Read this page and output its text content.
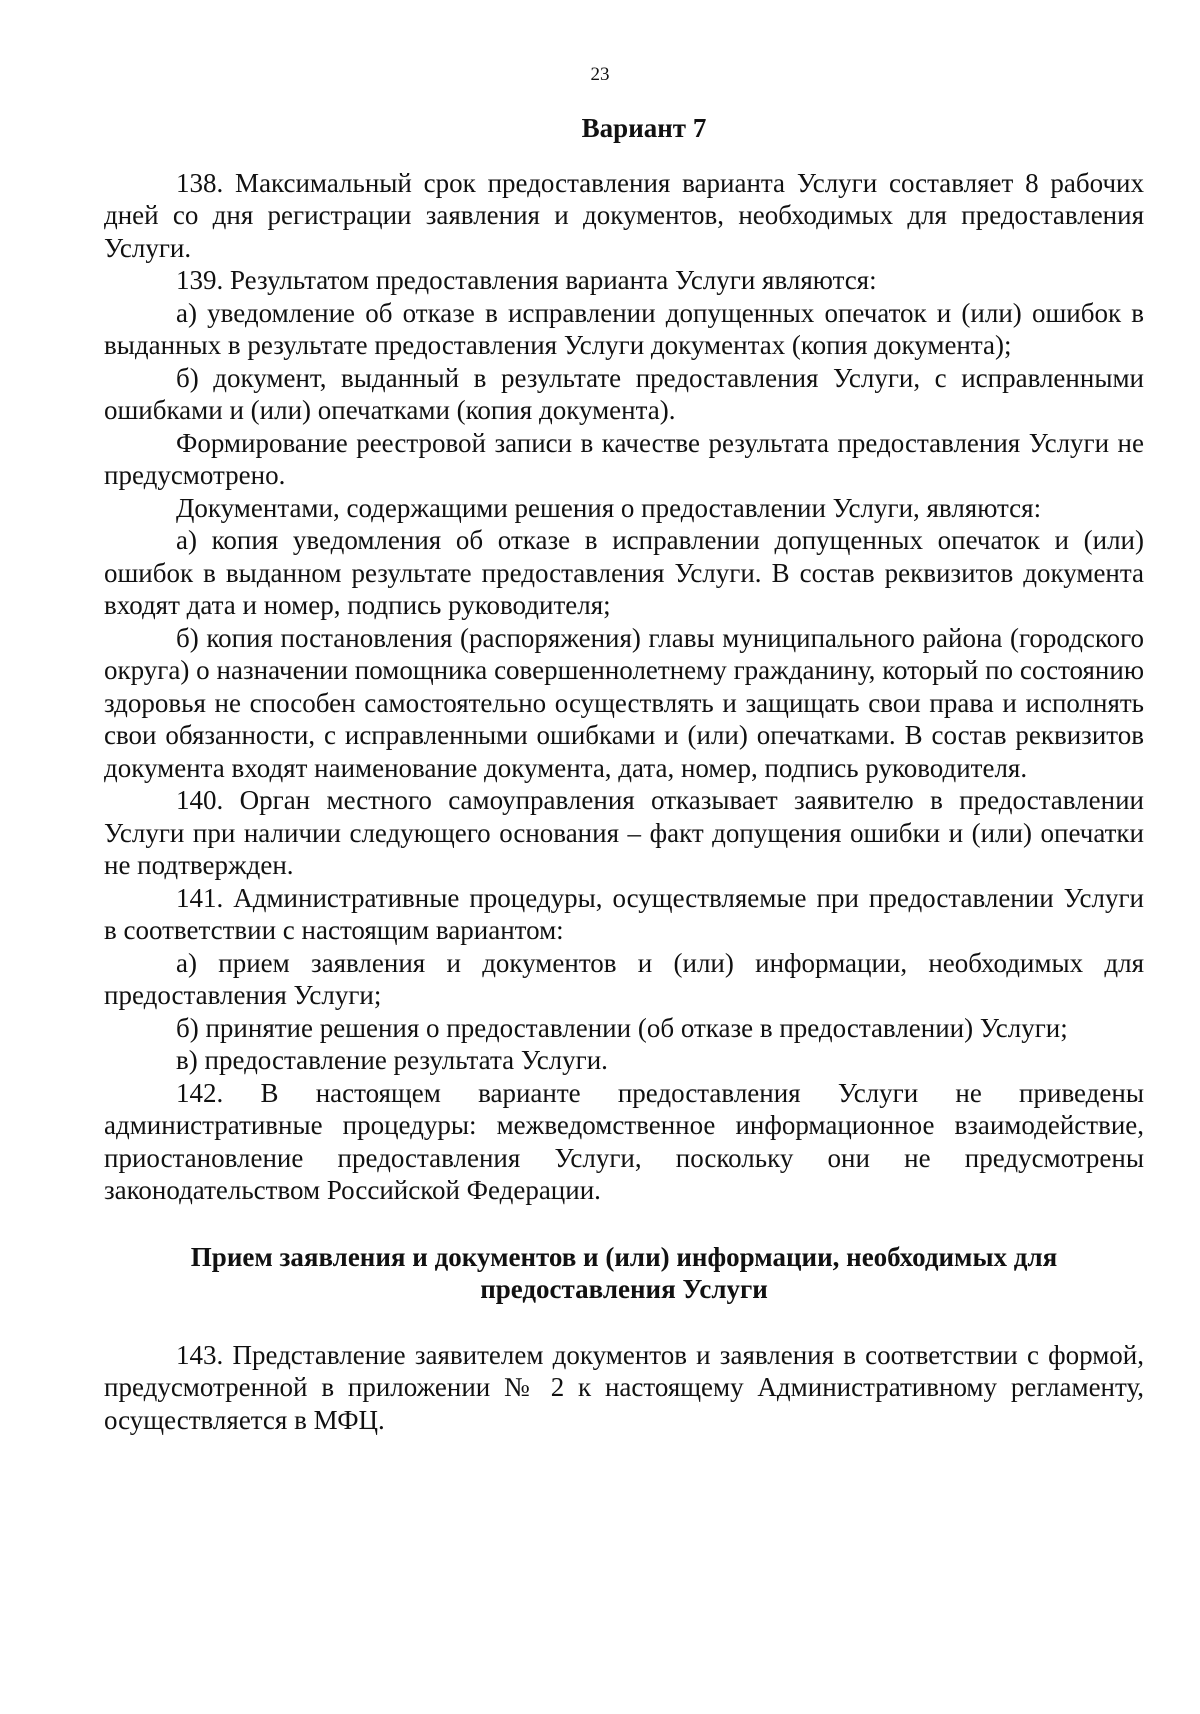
23
Вариант 7

138. Максимальный срок предоставления варианта Услуги составляет 8 рабочих дней со дня регистрации заявления и документов, необходимых для предоставления Услуги.

139. Результатом предоставления варианта Услуги являются:

а) уведомление об отказе в исправлении допущенных опечаток и (или) ошибок в выданных в результате предоставления Услуги документах (копия документа);

б) документ, выданный в результате предоставления Услуги, с исправленными ошибками и (или) опечатками (копия документа).

Формирование реестровой записи в качестве результата предоставления Услуги не предусмотрено.

Документами, содержащими решения о предоставлении Услуги, являются:

а) копия уведомления об отказе в исправлении допущенных опечаток и (или) ошибок в выданном результате предоставления Услуги. В состав реквизитов документа входят дата и номер, подпись руководителя;

б) копия постановления (распоряжения) главы муниципального района (городского округа) о назначении помощника совершеннолетнему гражданину, который по состоянию здоровья не способен самостоятельно осуществлять и защищать свои права и исполнять свои обязанности, с исправленными ошибками и (или) опечатками. В состав реквизитов документа входят наименование документа, дата, номер, подпись руководителя.

140. Орган местного самоуправления отказывает заявителю в предоставлении Услуги при наличии следующего основания – факт допущения ошибки и (или) опечатки не подтвержден.

141. Административные процедуры, осуществляемые при предоставлении Услуги в соответствии с настоящим вариантом:

а) прием заявления и документов и (или) информации, необходимых для предоставления Услуги;

б) принятие решения о предоставлении (об отказе в предоставлении) Услуги;

в) предоставление результата Услуги.

142. В настоящем варианте предоставления Услуги не приведены административные процедуры: межведомственное информационное взаимодействие, приостановление предоставления Услуги, поскольку они не предусмотрены законодательством Российской Федерации.

Прием заявления и документов и (или) информации, необходимых для
предоставления Услуги

143. Представление заявителем документов и заявления в соответствии с формой, предусмотренной в приложении № 2 к настоящему Административному регламенту, осуществляется в МФЦ.
